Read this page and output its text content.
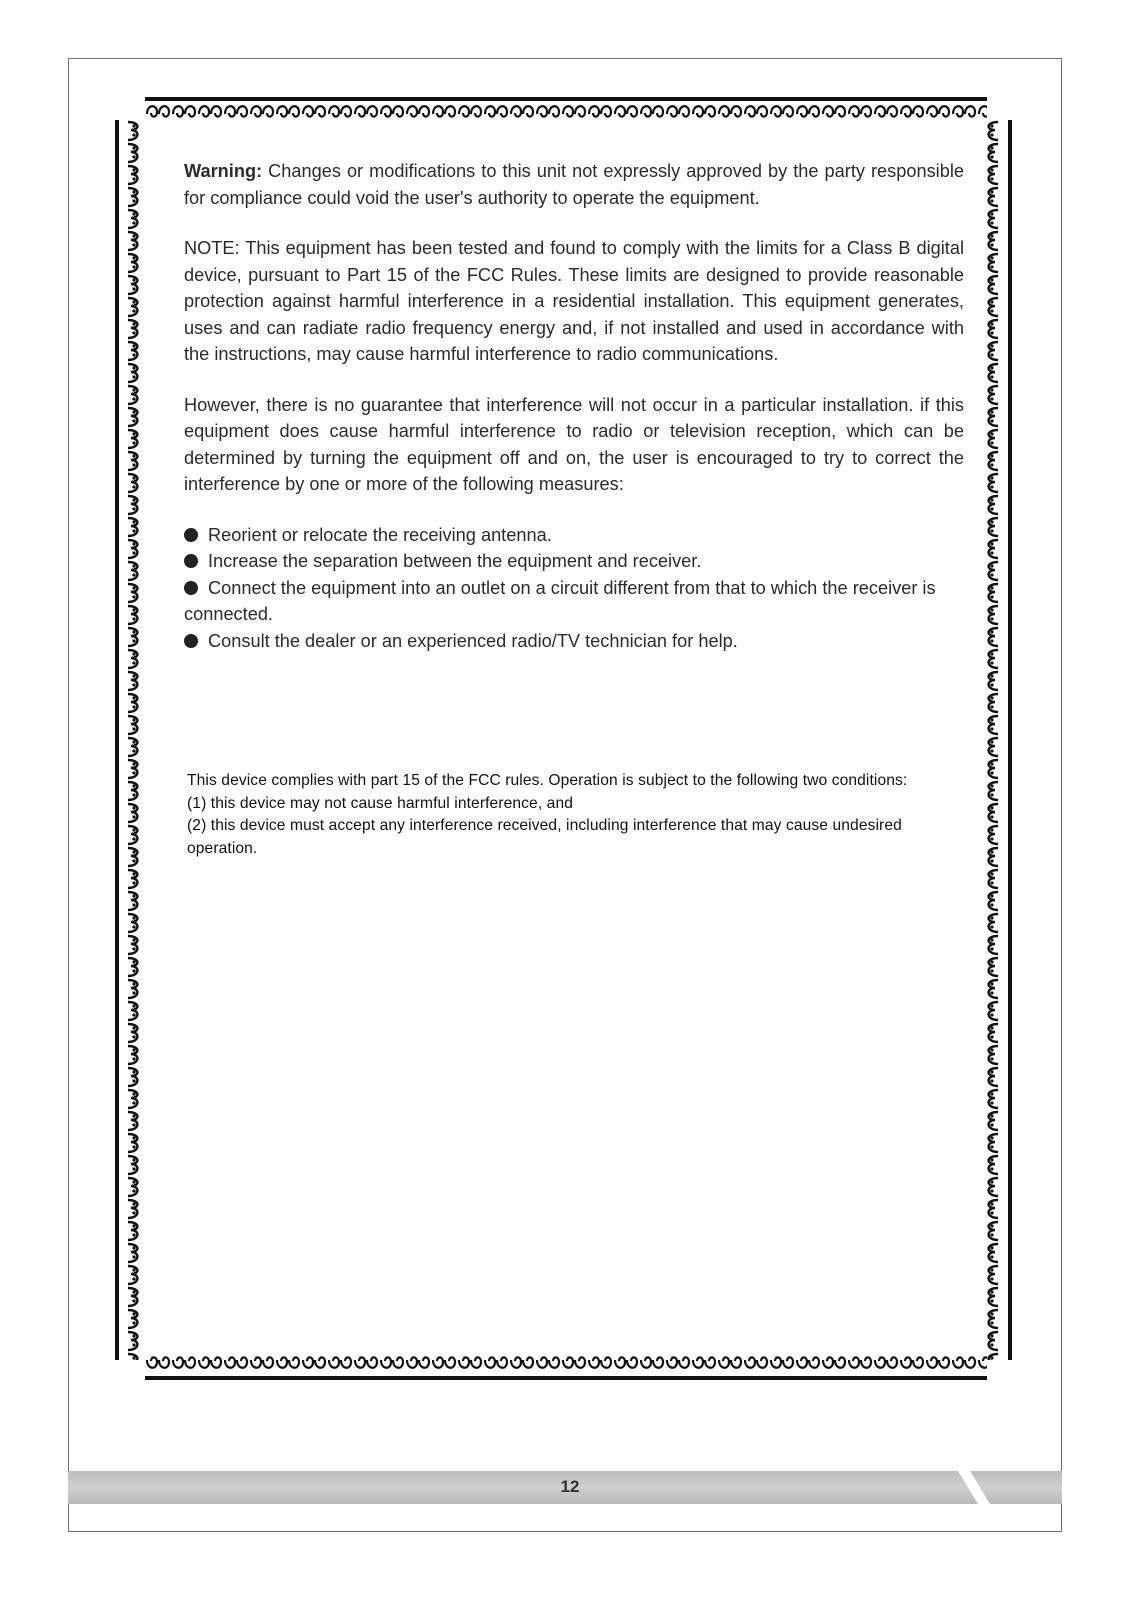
Warning: Changes or modifications to this unit not expressly approved by the party responsible for compliance could void the user's authority to operate the equipment.

NOTE: This equipment has been tested and found to comply with the limits for a Class B digital device, pursuant to Part 15 of the FCC Rules. These limits are designed to provide reasonable protection against harmful interference in a residential installation. This equipment generates, uses and can radiate radio frequency energy and, if not installed and used in accordance with the instructions, may cause harmful interference to radio communications.

However, there is no guarantee that interference will not occur in a particular installation. if this equipment does cause harmful interference to radio or television reception, which can be determined by turning the equipment off and on, the user is encouraged to try to correct the interference by one or more of the following measures:

Reorient or relocate the receiving antenna.
Increase the separation between the equipment and receiver.
Connect the equipment into an outlet on a circuit different from that to which the receiver is connected.
Consult the dealer or an experienced radio/TV technician for help.

This device complies with part 15 of the FCC rules. Operation is subject to the following two conditions:

(1) this device may not cause harmful interference, and

(2) this device must accept any interference received, including interference that may cause undesired operation.

12
